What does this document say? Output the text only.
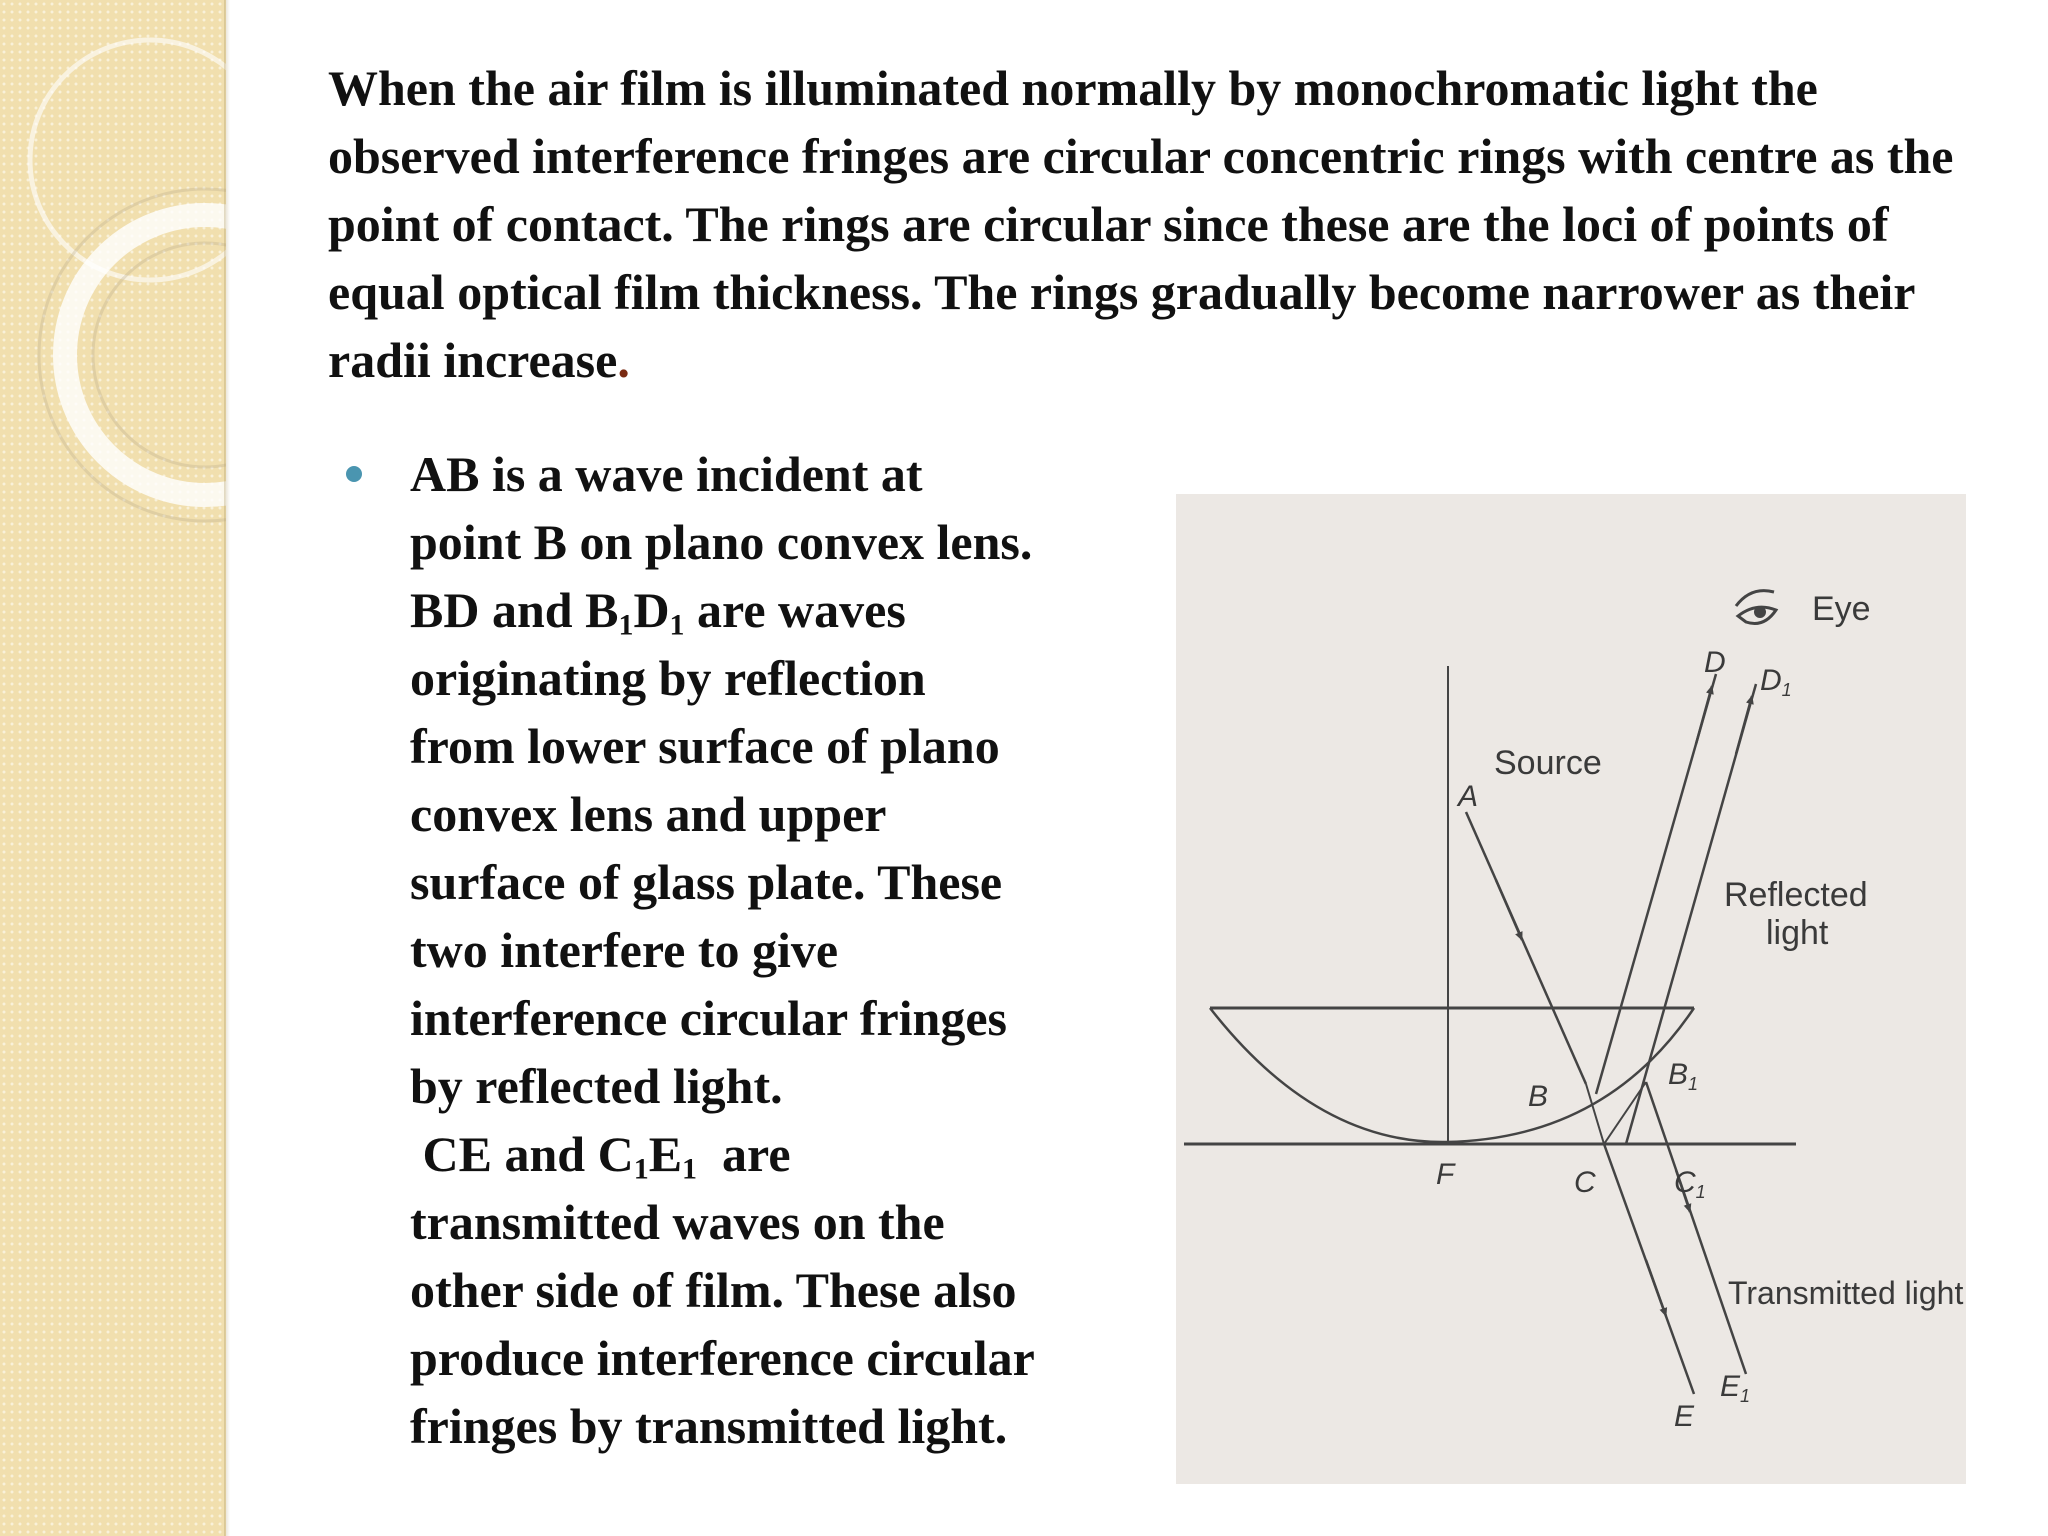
When the air film is illuminated normally by monochromatic light the observed interference fringes are circular concentric rings with centre as the point of contact. The rings are circular since these are the loci of points of equal optical film thickness. The rings gradually become narrower as their radii increase.

AB is a wave incident at
point B on plano convex lens.
BD and $B_1D_1$ are waves
originating by reflection
from lower surface of plano
convex lens and upper
surface of glass plate. These
two interfere to give
interference circular fringes
by reflected light.
CE and $C_1E_1$  are
transmitted waves on the
other side of film. These also
produce interference circular
fringes by transmitted light.
Eye
Source
Reflected
light
Transmitted light
A
B
$B_1$
F	C	$C_1$
D
$D_1$
E
$E_1$
